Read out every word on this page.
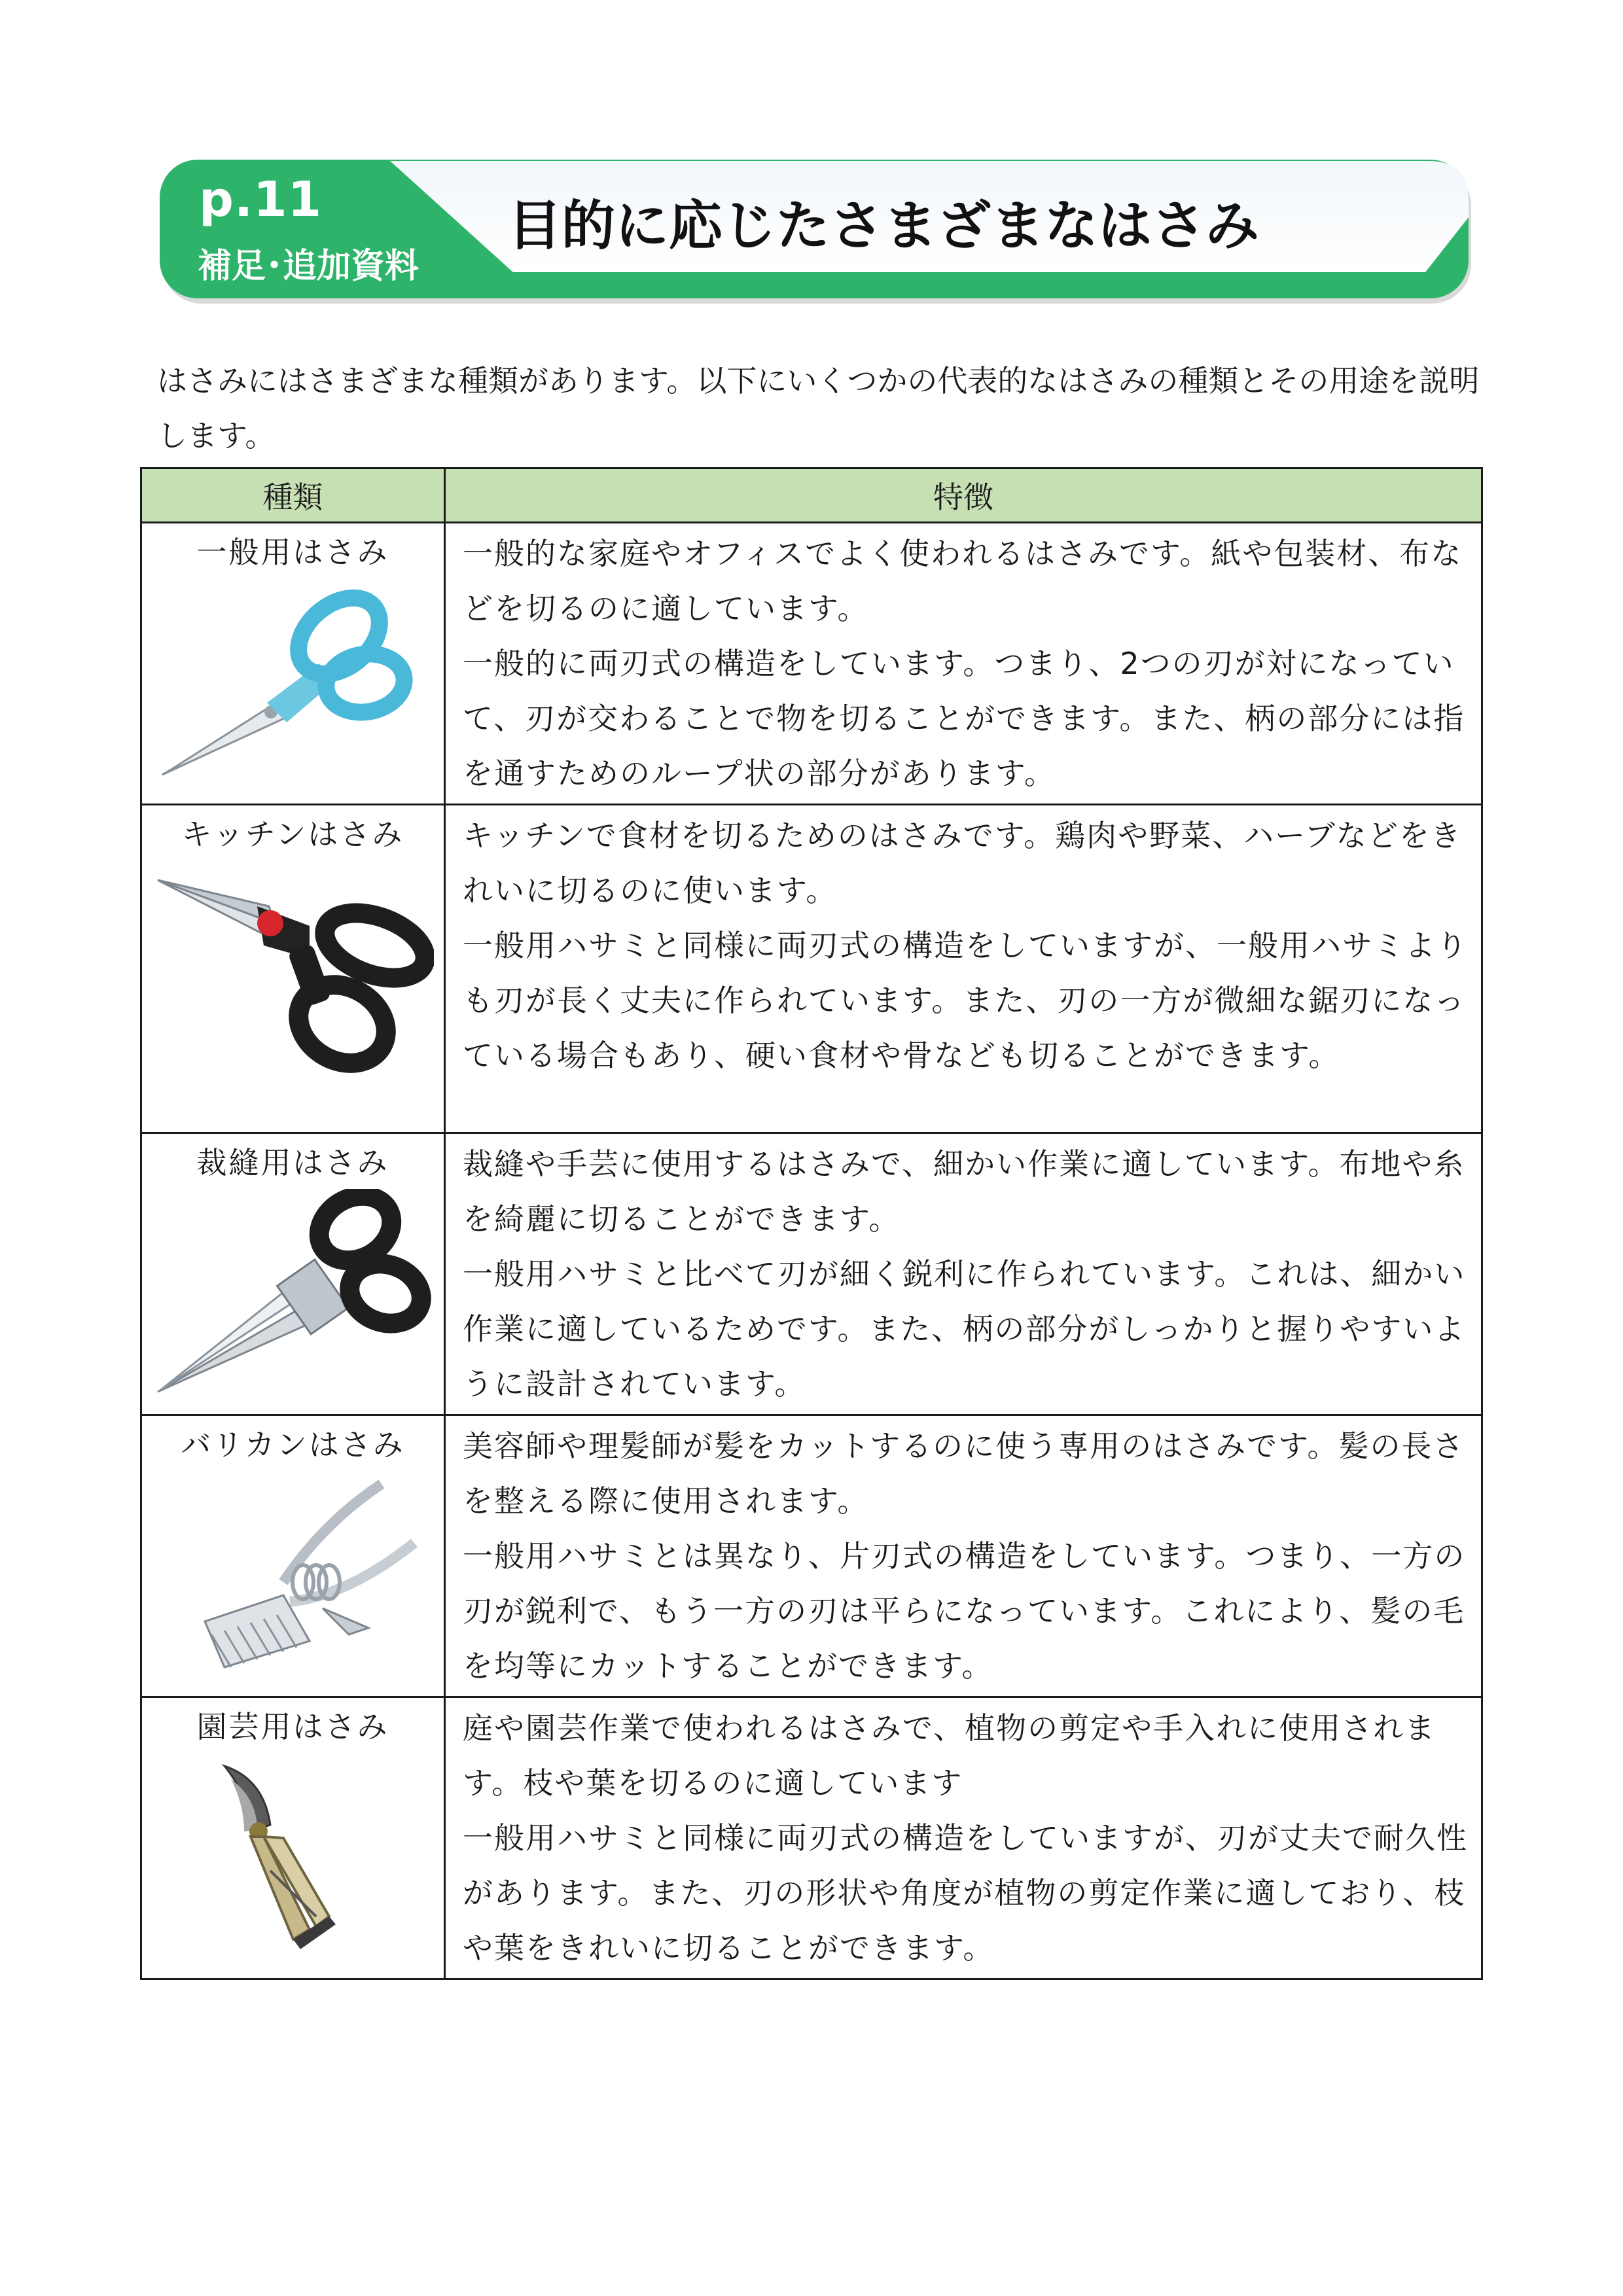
p.11
補足･追加資料
目的に応じたさまざまなはさみ
はさみにはさまざまな種類があります。以下にいくつかの代表的なはさみの種類とその用途を説明します。
種類	特徴

一般用はさみ	一般的な家庭やオフィスでよく使われるはさみです。紙や包装材、布などを切るのに適しています。
一般的に両刃式の構造をしています。つまり、2つの刃が対になっていて、刃が交わることで物を切ることができます。また、柄の部分には指を通すためのループ状の部分があります。

キッチンはさみ	キッチンで食材を切るためのはさみです。鶏肉や野菜、ハーブなどをきれいに切るのに使います。
一般用ハサミと同様に両刃式の構造をしていますが、一般用ハサミよりも刃が長く丈夫に作られています。また、刃の一方が微細な鋸刃になっている場合もあり、硬い食材や骨なども切ることができます。

裁縫用はさみ	裁縫や手芸に使用するはさみで、細かい作業に適しています。布地や糸を綺麗に切ることができます。
一般用ハサミと比べて刃が細く鋭利に作られています。これは、細かい作業に適しているためです。また、柄の部分がしっかりと握りやすいように設計されています。

バリカンはさみ	美容師や理髪師が髪をカットするのに使う専用のはさみです。髪の長さを整える際に使用されます。
一般用ハサミとは異なり、片刃式の構造をしています。つまり、一方の刃が鋭利で、もう一方の刃は平らになっています。これにより、髪の毛を均等にカットすることができます。

園芸用はさみ	庭や園芸作業で使われるはさみで、植物の剪定や手入れに使用されます。枝や葉を切るのに適しています
一般用ハサミと同様に両刃式の構造をしていますが、刃が丈夫で耐久性があります。また、刃の形状や角度が植物の剪定作業に適しており、枝や葉をきれいに切ることができます。
